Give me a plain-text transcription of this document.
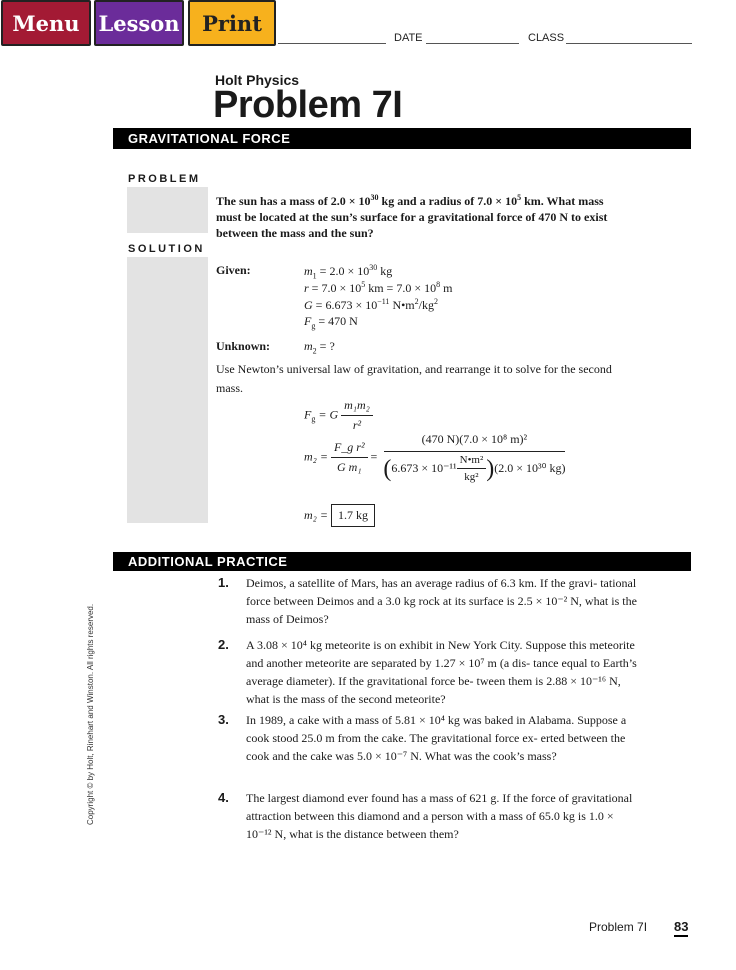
Menu Lesson	Print
DATE	CLASS
Holt Physics
Problem 7I
GRAVITATIONAL FORCE
PROBLEM
SOLUTION
The sun has a mass of $2.0 \times 10^{30}$ kg and a radius of $7.0 \times 10^5$ km. What mass must be located at the sun’s surface for a gravitational force of 470 N to exist between the mass and the sun?
Given:	$m_1 = 2.0 \times 10^{30}$ kg
$r = 7.0 \times 10^5$ km = $7.0 \times 10^8$ m
$G = 6.673 \times 10^{-11}$ $N•m^2/kg^2$
$F_g = 470$ N
Unknown:	$m_2$ = ?
Use Newton’s universal law of gravitation, and rearrange it to solve for the second mass.
$F_g = G \frac{\text{m₁m₂}}{\text{r²}}$
$m_2 = \frac{\text{F\_g r²}}{\text{G m₁}}$ =
(470 N)(7.0 × 10⁸ m)²
( $6.673 \times 10^{-11} \frac{\text{N•m²}}{\text{kg²}}$ ) (2.0 × 10³⁰ kg)
m₂ = 1.7 kg
ADDITIONAL PRACTICE
1. Deimos, a satellite of Mars, has an average radius of 6.3 km. If the gravi- tational force between Deimos and a 3.0 kg rock at its surface is 2.5 × 10⁻² N, what is the mass of Deimos?
2. A 3.08 × 10⁴ kg meteorite is on exhibit in New York City. Suppose this meteorite and another meteorite are separated by 1.27 × 10⁷ m (a dis- tance equal to Earth’s average diameter). If the gravitational force be- tween them is 2.88 × 10⁻¹⁶ N, what is the mass of the second meteorite?
3. In 1989, a cake with a mass of 5.81 × 10⁴ kg was baked in Alabama. Suppose a cook stood 25.0 m from the cake. The gravitational force ex- erted between the cook and the cake was 5.0 × 10⁻⁷ N. What was the cook’s mass?
4. The largest diamond ever found has a mass of 621 g. If the force of gravitational attraction between this diamond and a person with a mass of 65.0 kg is 1.0 × 10⁻¹² N, what is the distance between them?
Copyright © by Holt, Rinehart and Winston. All rights reserved.
Problem 7I 83
